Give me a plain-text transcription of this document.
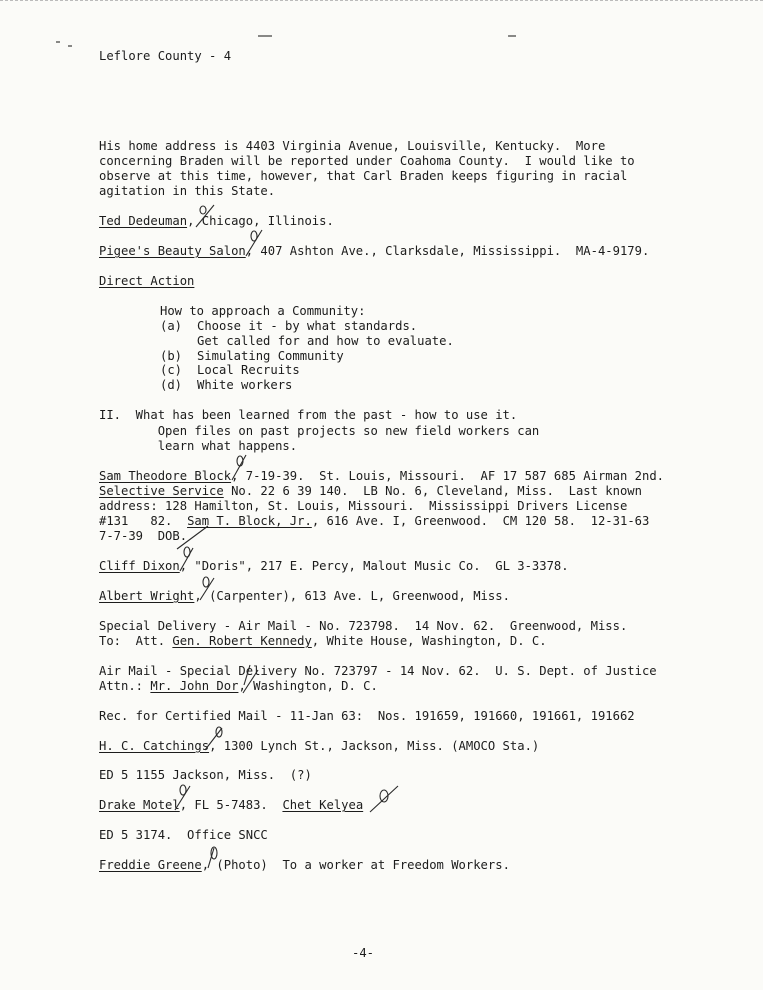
Leflore County - 4
His home address is 4403 Virginia Avenue, Louisville, Kentucky.  More
concerning Braden will be reported under Coahoma County.  I would like to
observe at this time, however, that Carl Braden keeps figuring in racial
agitation in this State.
Ted Dedeuman, Chicago, Illinois.
Pigee's Beauty Salon, 407 Ashton Ave., Clarksdale, Mississippi.  MA-4-9179.
Direct Action
How to approach a Community:
(a) Choose it - by what standards.
Get called for and how to evaluate.
(b) Simulating Community
(c) Local Recruits
(d) White workers
II.  What has been learned from the past - how to use it.
Open files on past projects so new field workers can
learn what happens.
Sam Theodore Block, 7-19-39.  St. Louis, Missouri.  AF 17 587 685 Airman 2nd.
Selective Service No. 22 6 39 140.  LB No. 6, Cleveland, Miss.  Last known
address: 128 Hamilton, St. Louis, Missouri.  Mississippi Drivers License
#131   82.  Sam T. Block, Jr., 616 Ave. I, Greenwood.  CM 120 58.  12-31-63
7-7-39  DOB.
Cliff Dixon, "Doris", 217 E. Percy, Malout Music Co.  GL 3-3378.
Albert Wright, (Carpenter), 613 Ave. L, Greenwood, Miss.
Special Delivery - Air Mail - No. 723798.  14 Nov. 62.  Greenwood, Miss.
To:  Att. Gen. Robert Kennedy, White House, Washington, D. C.
Air Mail - Special Delivery No. 723797 - 14 Nov. 62.  U. S. Dept. of Justice
Attn.: Mr. John Dor, Washington, D. C.
Rec. for Certified Mail - 11-Jan 63:  Nos. 191659, 191660, 191661, 191662
H. C. Catchings, 1300 Lynch St., Jackson, Miss. (AMOCO Sta.)
ED 5 1155 Jackson, Miss.  (?)
Drake Motel, FL 5-7483.  Chet Kelyea
ED 5 3174.  Office SNCC
Freddie Greene, (Photo)  To a worker at Freedom Workers.
-4-
